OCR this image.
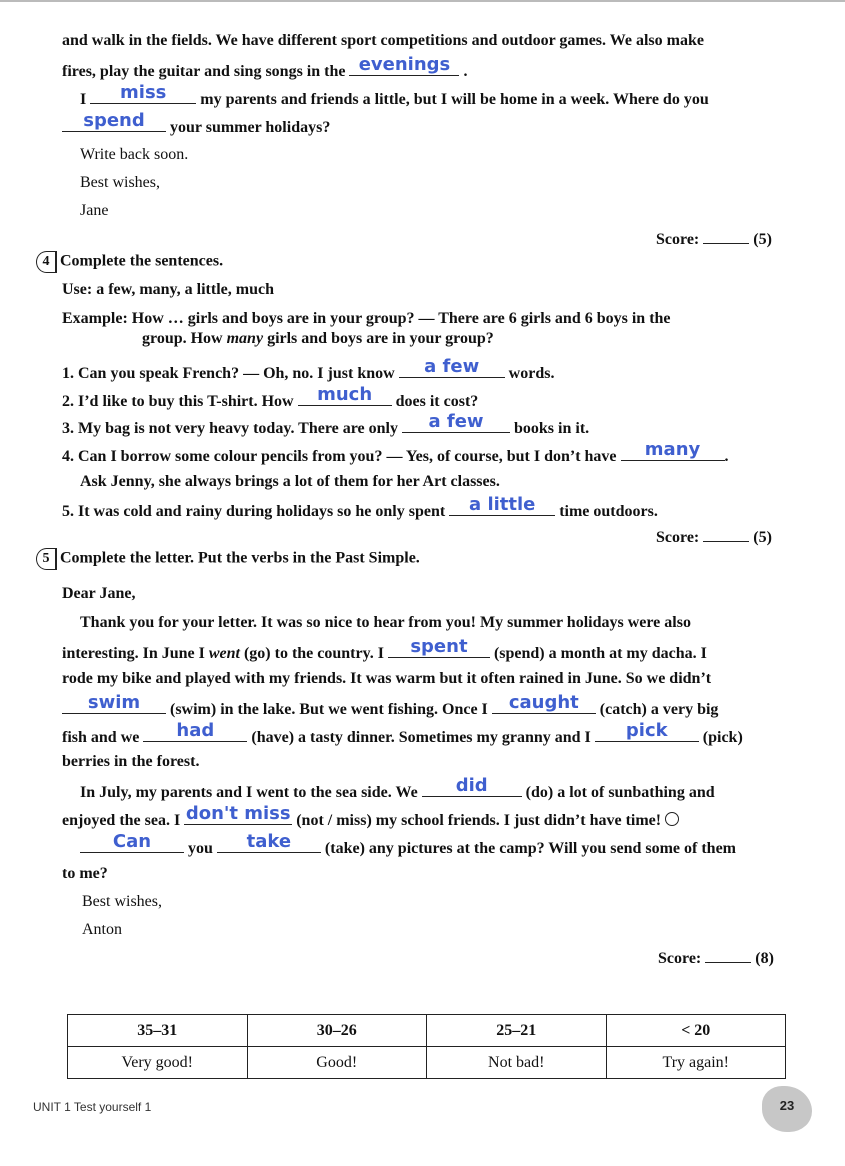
and walk in the fields. We have different sport competitions and outdoor games. We also make
fires, play the guitar and sing songs in the evenings .
I	miss	my parents and friends a little, but I will be home in a week. Where do you
spend	your summer holidays?
Write back soon.
Best wishes,
Jane
Score:	(5)
4 Complete the sentences.
Use: a few, many, a little, much
Example: How … girls and boys are in your group? — There are 6 girls and 6 boys in the
group. How many girls and boys are in your group?
1. Can you speak French? — Oh, no. I just know	a few	words.
2. I’d like to buy this T-shirt. How	much	does it cost?
3. My bag is not very heavy today. There are only	a few	books in it.
4. Can I borrow some colour pencils from you? — Yes, of course, but I don’t have	many	.
Ask Jenny, she always brings a lot of them for her Art classes.
5. It was cold and rainy during holidays so he only spent	a little	time outdoors.
Score:	(5)
5 Complete the letter. Put the verbs in the Past Simple.
Dear Jane,
Thank you for your letter. It was so nice to hear from you! My summer holidays were also
interesting. In June I went (go) to the country. I	spent	(spend) a month at my dacha. I
rode my bike and played with my friends. It was warm but it often rained in June. So we didn’t
swim	(swim) in the lake. But we went fishing. Once I	caught	(catch) a very big
fish and we	had	(have) a tasty dinner. Sometimes my granny and I	pick	(pick)
berries in the forest.
In July, my parents and I went to the sea side. We	did	(do) a lot of sunbathing and
enjoyed the sea. I don't miss (not / miss) my school friends. I just didn’t have time!
Can	you	take	(take) any pictures at the camp? Will you send some of them
to me?
Best wishes,
Anton
Score:	(8)
35–31	30–26	25–21	< 20
Very good!	Good!	Not bad!	Try again!
UNIT 1 Test yourself 1	23
